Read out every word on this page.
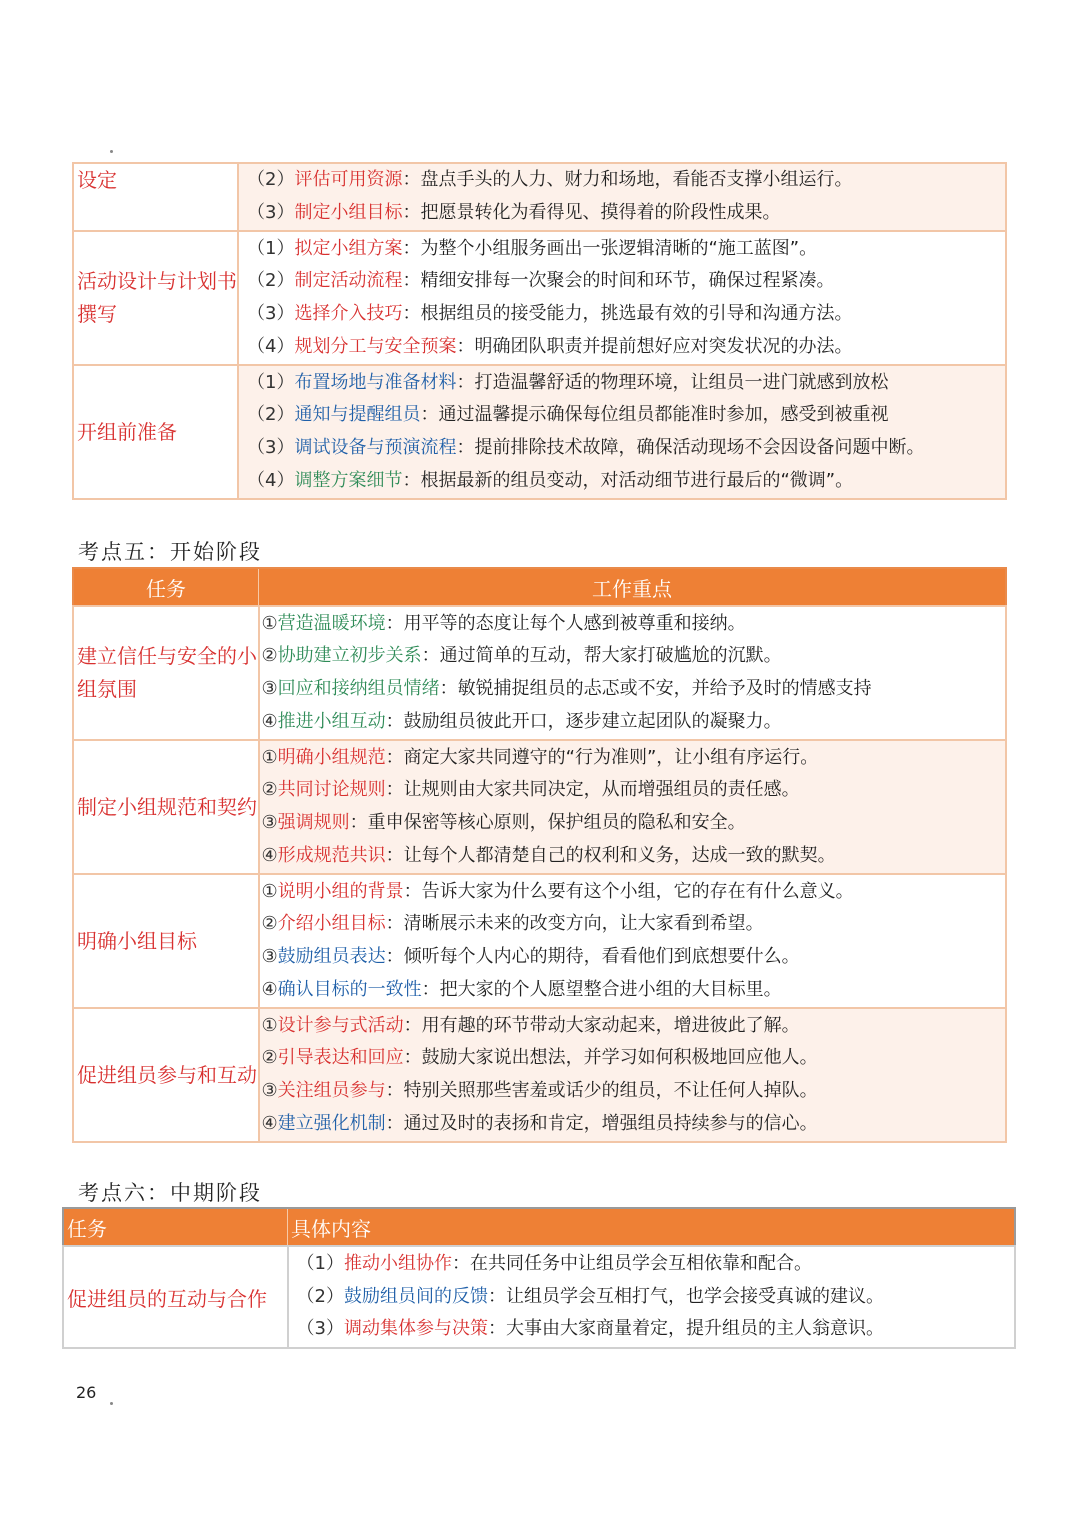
设定	（2）评估可用资源：盘点手头的人力、财力和场地，看能否支撑小组运行。
（3）制定小组目标：把愿景转化为看得见、摸得着的阶段性成果。

活动设计与计划书撰写	（1）拟定小组方案：为整个小组服务画出一张逻辑清晰的“施工蓝图”。
（2）制定活动流程：精细安排每一次聚会的时间和环节，确保过程紧凑。
（3）选择介入技巧：根据组员的接受能力，挑选最有效的引导和沟通方法。
（4）规划分工与安全预案：明确团队职责并提前想好应对突发状况的办法。

开组前准备	（1）布置场地与准备材料：打造温馨舒适的物理环境，让组员一进门就感到放松
（2）通知与提醒组员：通过温馨提示确保每位组员都能准时参加，感受到被重视
（3）调试设备与预演流程：提前排除技术故障，确保活动现场不会因设备问题中断。
（4）调整方案细节：根据最新的组员变动，对活动细节进行最后的“微调”。
考点五：开始阶段
任务	工作重点
建立信任与安全的小组氛围	①营造温暖环境：用平等的态度让每个人感到被尊重和接纳。
②协助建立初步关系：通过简单的互动，帮大家打破尴尬的沉默。
③回应和接纳组员情绪：敏锐捕捉组员的忐忑或不安，并给予及时的情感支持
④推进小组互动：鼓励组员彼此开口，逐步建立起团队的凝聚力。

制定小组规范和契约	①明确小组规范：商定大家共同遵守的“行为准则”，让小组有序运行。
②共同讨论规则：让规则由大家共同决定，从而增强组员的责任感。
③强调规则：重申保密等核心原则，保护组员的隐私和安全。
④形成规范共识：让每个人都清楚自己的权利和义务，达成一致的默契。

明确小组目标	①说明小组的背景：告诉大家为什么要有这个小组，它的存在有什么意义。
②介绍小组目标：清晰展示未来的改变方向，让大家看到希望。
③鼓励组员表达：倾听每个人内心的期待，看看他们到底想要什么。
④确认目标的一致性：把大家的个人愿望整合进小组的大目标里。

促进组员参与和互动	①设计参与式活动：用有趣的环节带动大家动起来，增进彼此了解。
②引导表达和回应：鼓励大家说出想法，并学习如何积极地回应他人。
③关注组员参与：特别关照那些害羞或话少的组员，不让任何人掉队。
④建立强化机制：通过及时的表扬和肯定，增强组员持续参与的信心。
考点六：中期阶段
任务	具体内容
促进组员的互动与合作	（1）推动小组协作：在共同任务中让组员学会互相依靠和配合。
（2）鼓励组员间的反馈：让组员学会互相打气，也学会接受真诚的建议。
（3）调动集体参与决策：大事由大家商量着定，提升组员的主人翁意识。
26
